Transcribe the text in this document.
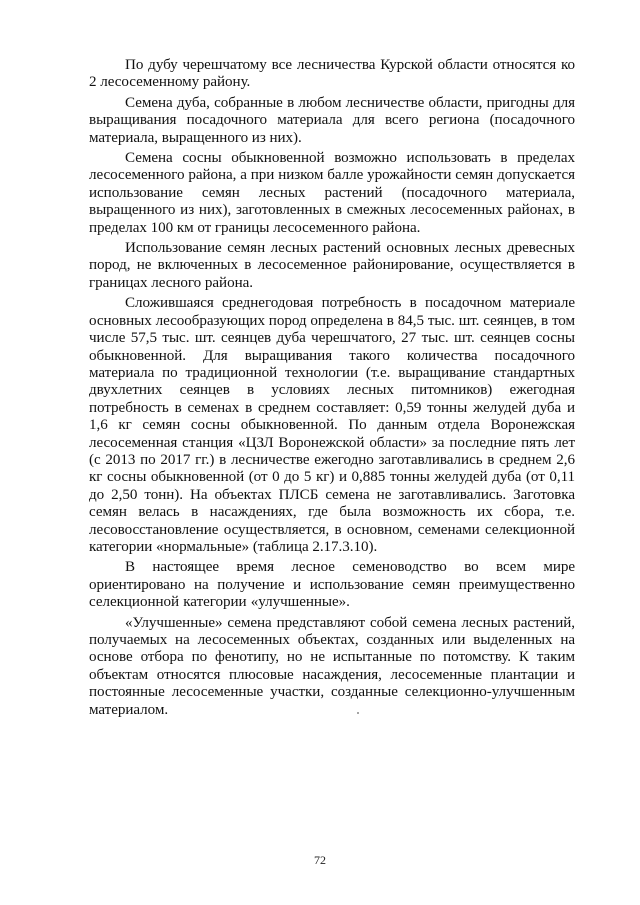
По дубу черешчатому все лесничества Курской области относятся ко 2 лесосеменному району.

Семена дуба, собранные в любом лесничестве области, пригодны для выращивания посадочного материала для всего региона (посадочного материала, выращенного из них).

Семена сосны обыкновенной возможно использовать в пределах лесосеменного района, а при низком балле урожайности семян допускается использование семян лесных растений (посадочного материала, выращенного из них), заготовленных в смежных лесосеменных районах, в пределах 100 км от границы лесосеменного района.

Использование семян лесных растений основных лесных древесных пород, не включенных в лесосеменное районирование, осуществляется в границах лесного района.

Сложившаяся среднегодовая потребность в посадочном материале основных лесообразующих пород определена в 84,5 тыс. шт. сеянцев, в том числе 57,5 тыс. шт. сеянцев дуба черешчатого, 27 тыс. шт. сеянцев сосны обыкновенной. Для выращивания такого количества посадочного материала по традиционной технологии (т.е. выращивание стандартных двухлетних сеянцев в условиях лесных питомников) ежегодная потребность в семенах в среднем составляет: 0,59 тонны желудей дуба и 1,6 кг семян сосны обыкновенной. По данным отдела Воронежская лесосеменная станция «ЦЗЛ Воронежской области» за последние пять лет (с 2013 по 2017 гг.) в лесничестве ежегодно заготавливались в среднем 2,6 кг сосны обыкновенной (от 0 до 5 кг) и 0,885 тонны желудей дуба (от 0,11 до 2,50 тонн). На объектах ПЛСБ семена не заготавливались. Заготовка семян велась в насаждениях, где была возможность их сбора, т.е. лесовосстановление осуществляется, в основном, семенами селекционной категории «нормальные» (таблица 2.17.3.10).

В настоящее время лесное семеноводство во всем мире ориентировано на получение и использование семян преимущественно селекционной категории «улучшенные».

«Улучшенные» семена представляют собой семена лесных растений, получаемых на лесосеменных объектах, созданных или выделенных на основе отбора по фенотипу, но не испытанные по потомству. К таким объектам относятся плюсовые насаждения, лесосеменные плантации и постоянные лесосеменные участки, созданные селекционно-улучшенным материалом.

72
